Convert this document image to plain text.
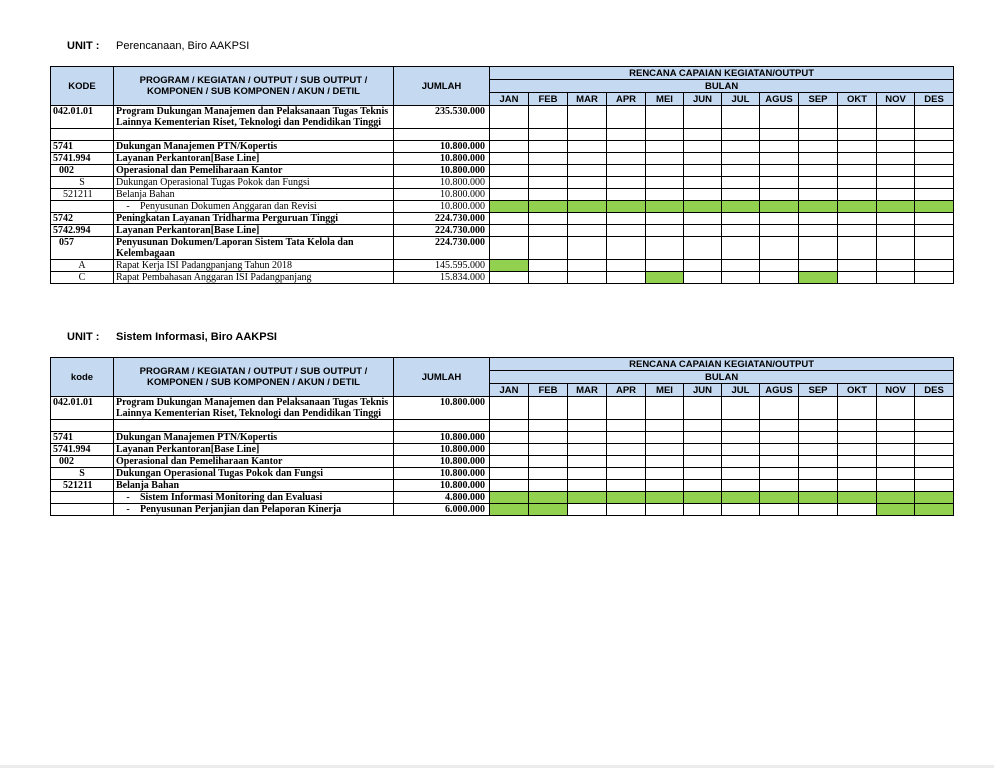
UNIT : Perencanaan, Biro AAKPSI
KODE	PROGRAM / KEGIATAN / OUTPUT / SUB OUTPUT / KOMPONEN / SUB KOMPONEN / AKUN / DETIL	JUMLAH	RENCANA CAPAIAN KEGIATAN/OUTPUT											
			BULAN											
			JAN	FEB	MAR	APR	MEI	JUN	JUL	AGUS	SEP	OKT	NOV	DES
042.01.01	Program Dukungan Manajemen dan Pelaksanaan Tugas Teknis Lainnya Kementerian Riset, Teknologi dan Pendidikan Tinggi	235.530.000												

5741	Dukungan Manajemen PTN/Kopertis	10.800.000												
5741.994	Layanan Perkantoran[Base Line]	10.800.000												
002	Operasional dan Pemeliharaan Kantor	10.800.000												
S	Dukungan Operasional Tugas Pokok dan Fungsi	10.800.000												
521211	Belanja Bahan	10.800.000												
	- Penyusunan Dokumen Anggaran dan Revisi	10.800.000												
5742	Peningkatan Layanan Tridharma Perguruan Tinggi	224.730.000												
5742.994	Layanan Perkantoran[Base Line]	224.730.000												
057	Penyusunan Dokumen/Laporan Sistem Tata Kelola dan Kelembagaan	224.730.000												
A	Rapat Kerja ISI Padangpanjang Tahun 2018	145.595.000												
C	Rapat Pembahasan Anggaran ISI Padangpanjang	15.834.000												
UNIT : Sistem Informasi, Biro AAKPSI
kode	PROGRAM / KEGIATAN / OUTPUT / SUB OUTPUT / KOMPONEN / SUB KOMPONEN / AKUN / DETIL	JUMLAH	RENCANA CAPAIAN KEGIATAN/OUTPUT											
			BULAN											
			JAN	FEB	MAR	APR	MEI	JUN	JUL	AGUS	SEP	OKT	NOV	DES
042.01.01	Program Dukungan Manajemen dan Pelaksanaan Tugas Teknis Lainnya Kementerian Riset, Teknologi dan Pendidikan Tinggi	10.800.000												

5741	Dukungan Manajemen PTN/Kopertis	10.800.000												
5741.994	Layanan Perkantoran[Base Line]	10.800.000												
002	Operasional dan Pemeliharaan Kantor	10.800.000												
S	Dukungan Operasional Tugas Pokok dan Fungsi	10.800.000												
521211	Belanja Bahan	10.800.000												
	- Sistem Informasi Monitoring dan Evaluasi	4.800.000												
	- Penyusunan Perjanjian dan Pelaporan Kinerja	6.000.000												
